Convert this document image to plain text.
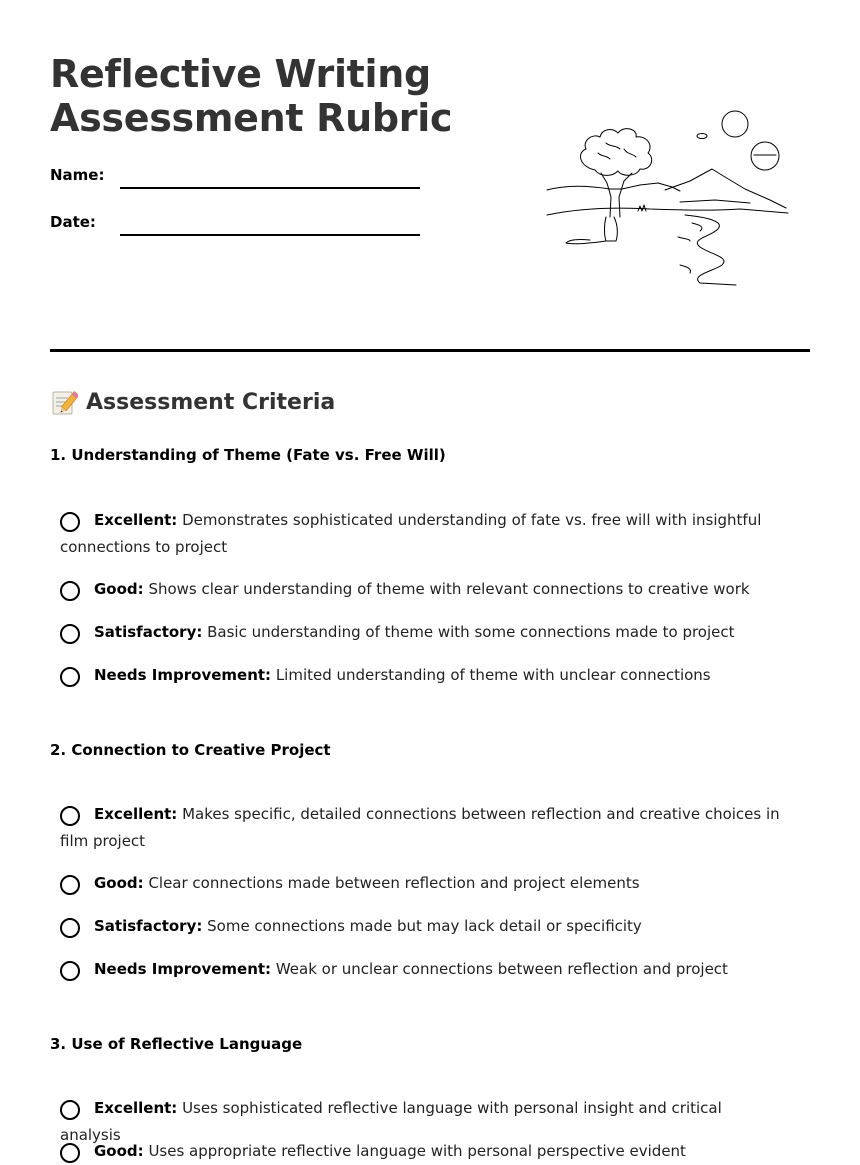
Reflective Writing
Assessment Rubric
Name:
Date:
Assessment Criteria
1. Understanding of Theme (Fate vs. Free Will)
Excellent: Demonstrates sophisticated understanding of fate vs. free will with insightful connections to project
Good: Shows clear understanding of theme with relevant connections to creative work
Satisfactory: Basic understanding of theme with some connections made to project
Needs Improvement: Limited understanding of theme with unclear connections
2. Connection to Creative Project
Excellent: Makes specific, detailed connections between reflection and creative choices in film project
Good: Clear connections made between reflection and project elements
Satisfactory: Some connections made but may lack detail or specificity
Needs Improvement: Weak or unclear connections between reflection and project
3. Use of Reflective Language
Excellent: Uses sophisticated reflective language with personal insight and critical analysis
Good: Uses appropriate reflective language with personal perspective evident
